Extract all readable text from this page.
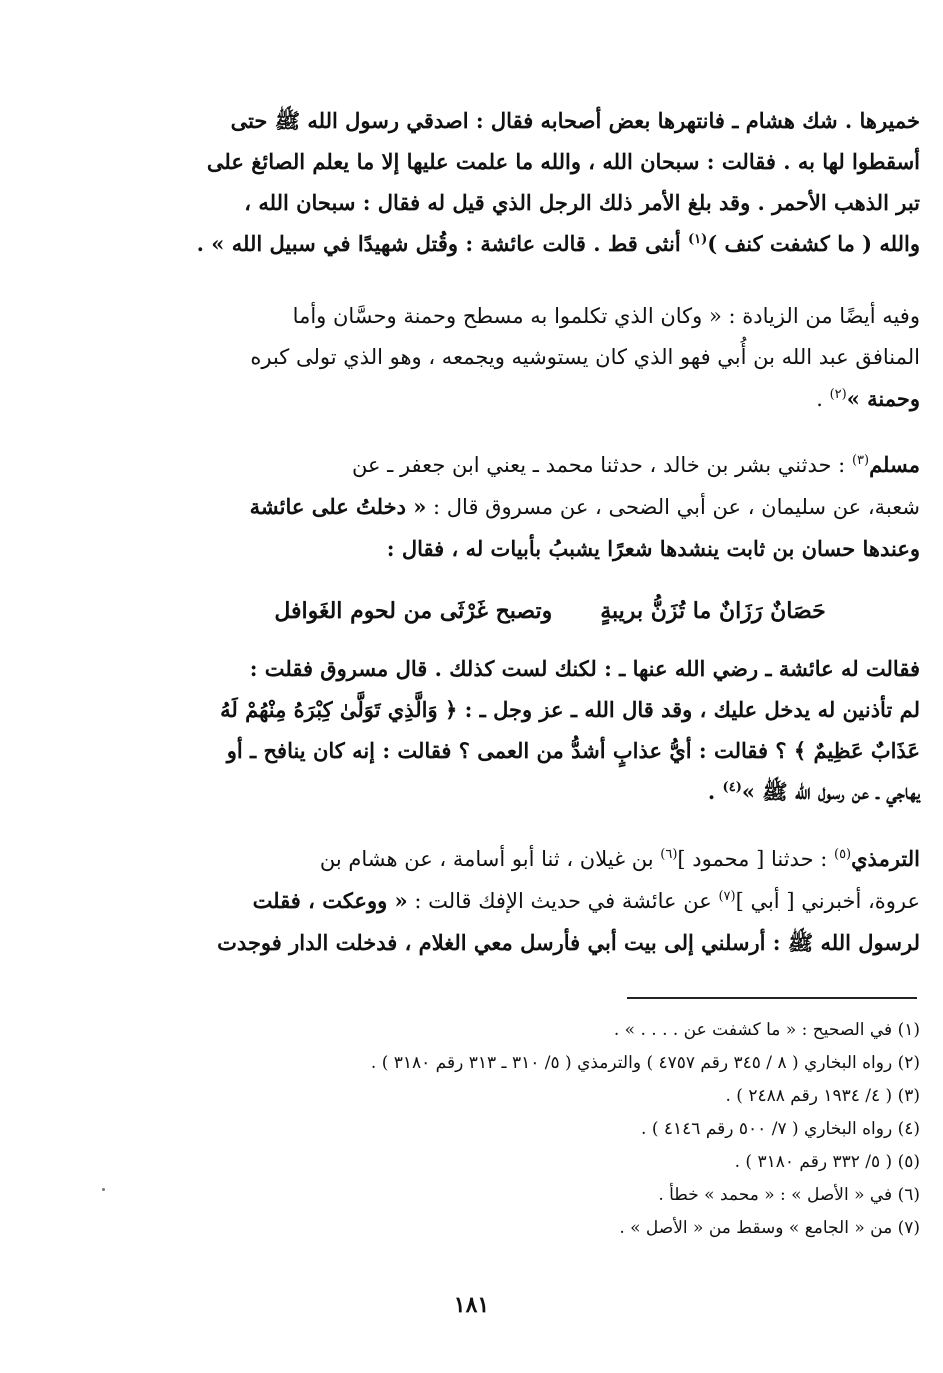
خميرها . شك هشام ـ فانتهرها بعض أصحابه فقال : اصدقي رسول الله ﷺ حتى
أسقطوا لها به . فقالت : سبحان الله ، والله ما علمت عليها إلا ما يعلم الصائغ على
تبر الذهب الأحمر . وقد بلغ الأمر ذلك الرجل الذي قيل له فقال : سبحان الله ،
والله ( ما كشفت كنف )$^{(١)}$ أنثى قط . قالت عائشة : وقُتل شهيدًا في سبيل الله » .
وفيه أيضًا من الزيادة : « وكان الذي تكلموا به مسطح وحمنة وحسَّان وأما
المنافق عبد الله بن أُبي فهو الذي كان يستوشيه ويجمعه ، وهو الذي تولى كبره
وحمنة »$^{(٢)}$ .
مسلم$^{(٣)}$ : حدثني بشر بن خالد ، حدثنا محمد ـ يعني ابن جعفر ـ عن
شعبة، عن سليمان ، عن أبي الضحى ، عن مسروق قال : « دخلتُ على عائشة
وعندها حسان بن ثابت ينشدها شعرًا يشببُ بأبيات له ، فقال :
حَصَانٌ رَزَانٌ ما تُزَنُّ بريبةٍ
وتصبح غَرْثَى من لحوم الغَوافل
فقالت له عائشة ـ رضي الله عنها ـ : لكنك لست كذلك . قال مسروق فقلت :
لم تأذنين له يدخل عليك ، وقد قال الله ـ عز وجل ـ : ﴿ وَالَّذِي تَوَلَّىٰ كِبْرَهُ مِنْهُمْ لَهُ
عَذَابٌ عَظِيمٌ ﴾ ؟ فقالت : أيُّ عذابٍ أشدُّ من العمى ؟ فقالت : إنه كان ينافح ـ أو
يهاجي ـ عن رسول الله ﷺ »$^{(٤)}$ .
الترمذي$^{(٥)}$ : حدثنا [ محمود ]$^{(٦)}$ بن غيلان ، ثنا أبو أسامة ، عن هشام بن
عروة، أخبرني [ أبي ]$^{(٧)}$ عن عائشة في حديث الإفك قالت : « ووعكت ، فقلت
لرسول الله ﷺ : أرسلني إلى بيت أبي فأرسل معي الغلام ، فدخلت الدار فوجدت

(١) في الصحيح : « ما كشفت عن . . . . » .

(٢) رواه البخاري ( ٨ / ٣٤٥ رقم ٤٧٥٧ ) والترمذي ( ٥/ ٣١٠ ـ ٣١٣ رقم ٣١٨٠ ) .

(٣) ( ٤/ ١٩٣٤ رقم ٢٤٨٨ ) .

(٤) رواه البخاري ( ٧/ ٥٠٠ رقم ٤١٤٦ ) .

(٥) ( ٥/ ٣٣٢ رقم ٣١٨٠ ) .

(٦) في « الأصل » : « محمد » خطأ .

(٧) من « الجامع » وسقط من « الأصل » .

١٨١
